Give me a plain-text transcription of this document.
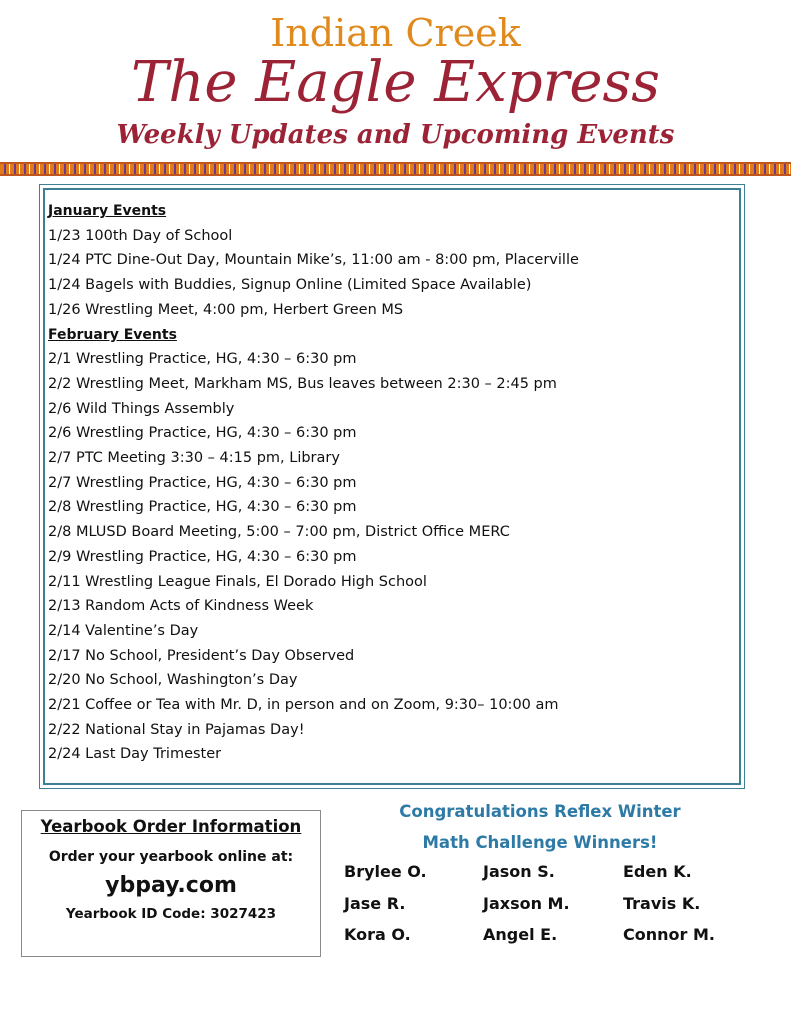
Indian Creek
The Eagle Express
Weekly Updates and Upcoming Events
January Events
1/23 100th Day of School
1/24 PTC Dine-Out Day, Mountain Mike’s, 11:00 am - 8:00 pm, Placerville
1/24 Bagels with Buddies, Signup Online (Limited Space Available)
1/26 Wrestling Meet, 4:00 pm, Herbert Green MS
February Events
2/1 Wrestling Practice, HG, 4:30 – 6:30 pm
2/2 Wrestling Meet, Markham MS, Bus leaves between 2:30 – 2:45 pm
2/6 Wild Things Assembly
2/6 Wrestling Practice, HG, 4:30 – 6:30 pm
2/7 PTC Meeting 3:30 – 4:15 pm, Library
2/7 Wrestling Practice, HG, 4:30 – 6:30 pm
2/8 Wrestling Practice, HG, 4:30 – 6:30 pm
2/8 MLUSD Board Meeting, 5:00 – 7:00 pm, District Office MERC
2/9 Wrestling Practice, HG, 4:30 – 6:30 pm
2/11 Wrestling League Finals, El Dorado High School
2/13 Random Acts of Kindness Week
2/14 Valentine’s Day
2/17 No School, President’s Day Observed
2/20 No School, Washington’s Day
2/21 Coffee or Tea with Mr. D, in person and on Zoom, 9:30– 10:00 am
2/22 National Stay in Pajamas Day!
2/24 Last Day Trimester
Yearbook Order Information
Order your yearbook online at:
ybpay.com
Yearbook ID Code: 3027423
Congratulations Reflex Winter
Math Challenge Winners!
Brylee O.	Jason S.	Eden K.
Jase R.	Jaxson M.	Travis K.
Kora O.	Angel E.	Connor M.
